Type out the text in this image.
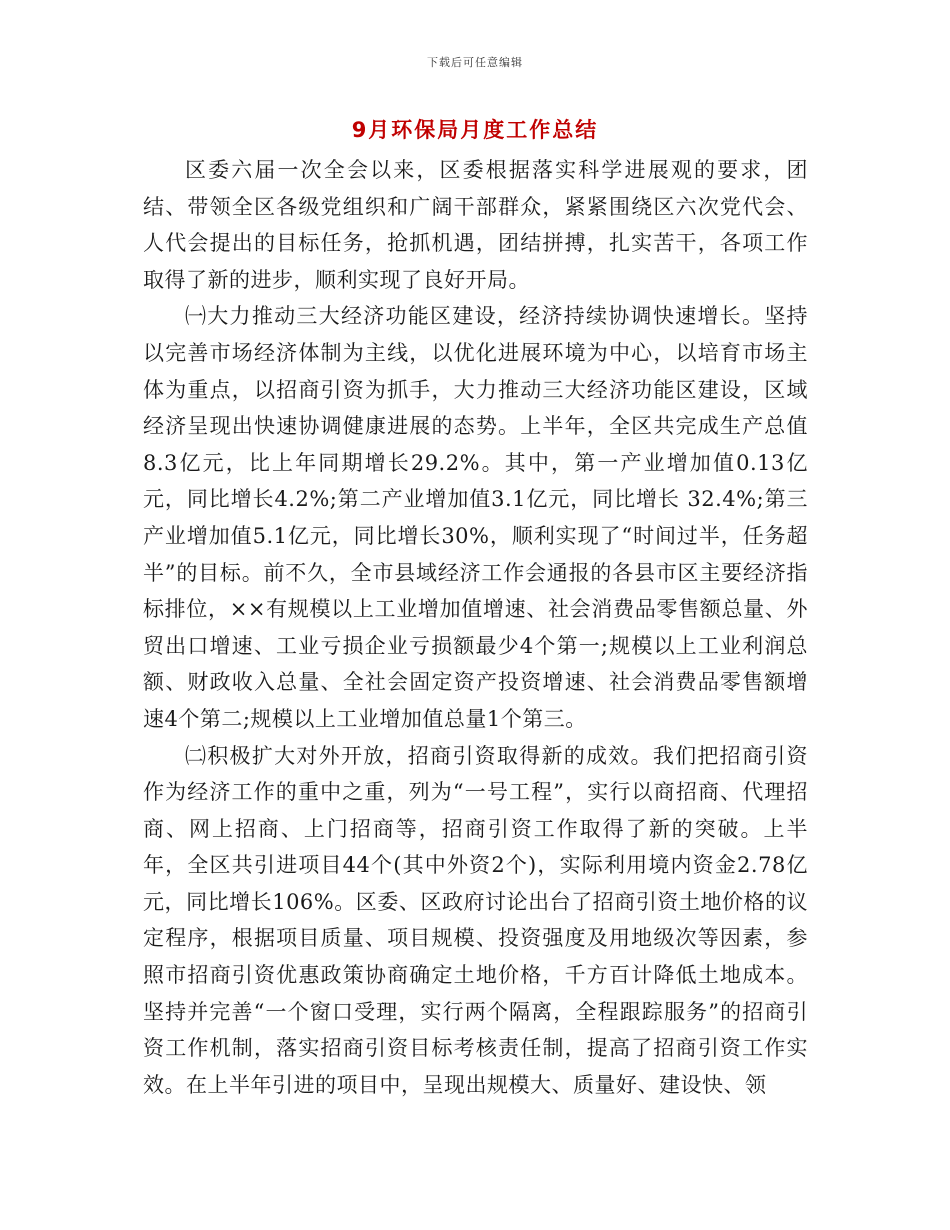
下载后可任意编辑
9月环保局月度工作总结

区委六届一次全会以来，区委根据落实科学进展观的要求，团结、带领全区各级党组织和广阔干部群众，紧紧围绕区六次党代会、人代会提出的目标任务，抢抓机遇，团结拼搏，扎实苦干，各项工作取得了新的进步，顺利实现了良好开局。

㈠大力推动三大经济功能区建设，经济持续协调快速增长。坚持以完善市场经济体制为主线，以优化进展环境为中心，以培育市场主体为重点，以招商引资为抓手，大力推动三大经济功能区建设，区域经济呈现出快速协调健康进展的态势。上半年，全区共完成生产总值8.3亿元，比上年同期增长29.2%。其中，第一产业增加值0.13亿元，同比增长4.2%;第二产业增加值3.1亿元，同比增长 32.4%;第三产业增加值5.1亿元，同比增长30%，顺利实现了“时间过半，任务超半”的目标。前不久，全市县域经济工作会通报的各县市区主要经济指标排位，××有规模以上工业增加值增速、社会消费品零售额总量、外贸出口增速、工业亏损企业亏损额最少4个第一;规模以上工业利润总额、财政收入总量、全社会固定资产投资增速、社会消费品零售额增速4个第二;规模以上工业增加值总量1个第三。

㈡积极扩大对外开放，招商引资取得新的成效。我们把招商引资作为经济工作的重中之重，列为“一号工程”，实行以商招商、代理招商、网上招商、上门招商等，招商引资工作取得了新的突破。上半年，全区共引进项目44个(其中外资2个)，实际利用境内资金2.78亿元，同比增长106%。区委、区政府讨论出台了招商引资土地价格的议定程序，根据项目质量、项目规模、投资强度及用地级次等因素，参照市招商引资优惠政策协商确定土地价格，千方百计降低土地成本。坚持并完善“一个窗口受理，实行两个隔离，全程跟踪服务”的招商引资工作机制，落实招商引资目标考核责任制，提高了招商引资工作实效。在上半年引进的项目中，呈现出规模大、质量好、建设快、领
